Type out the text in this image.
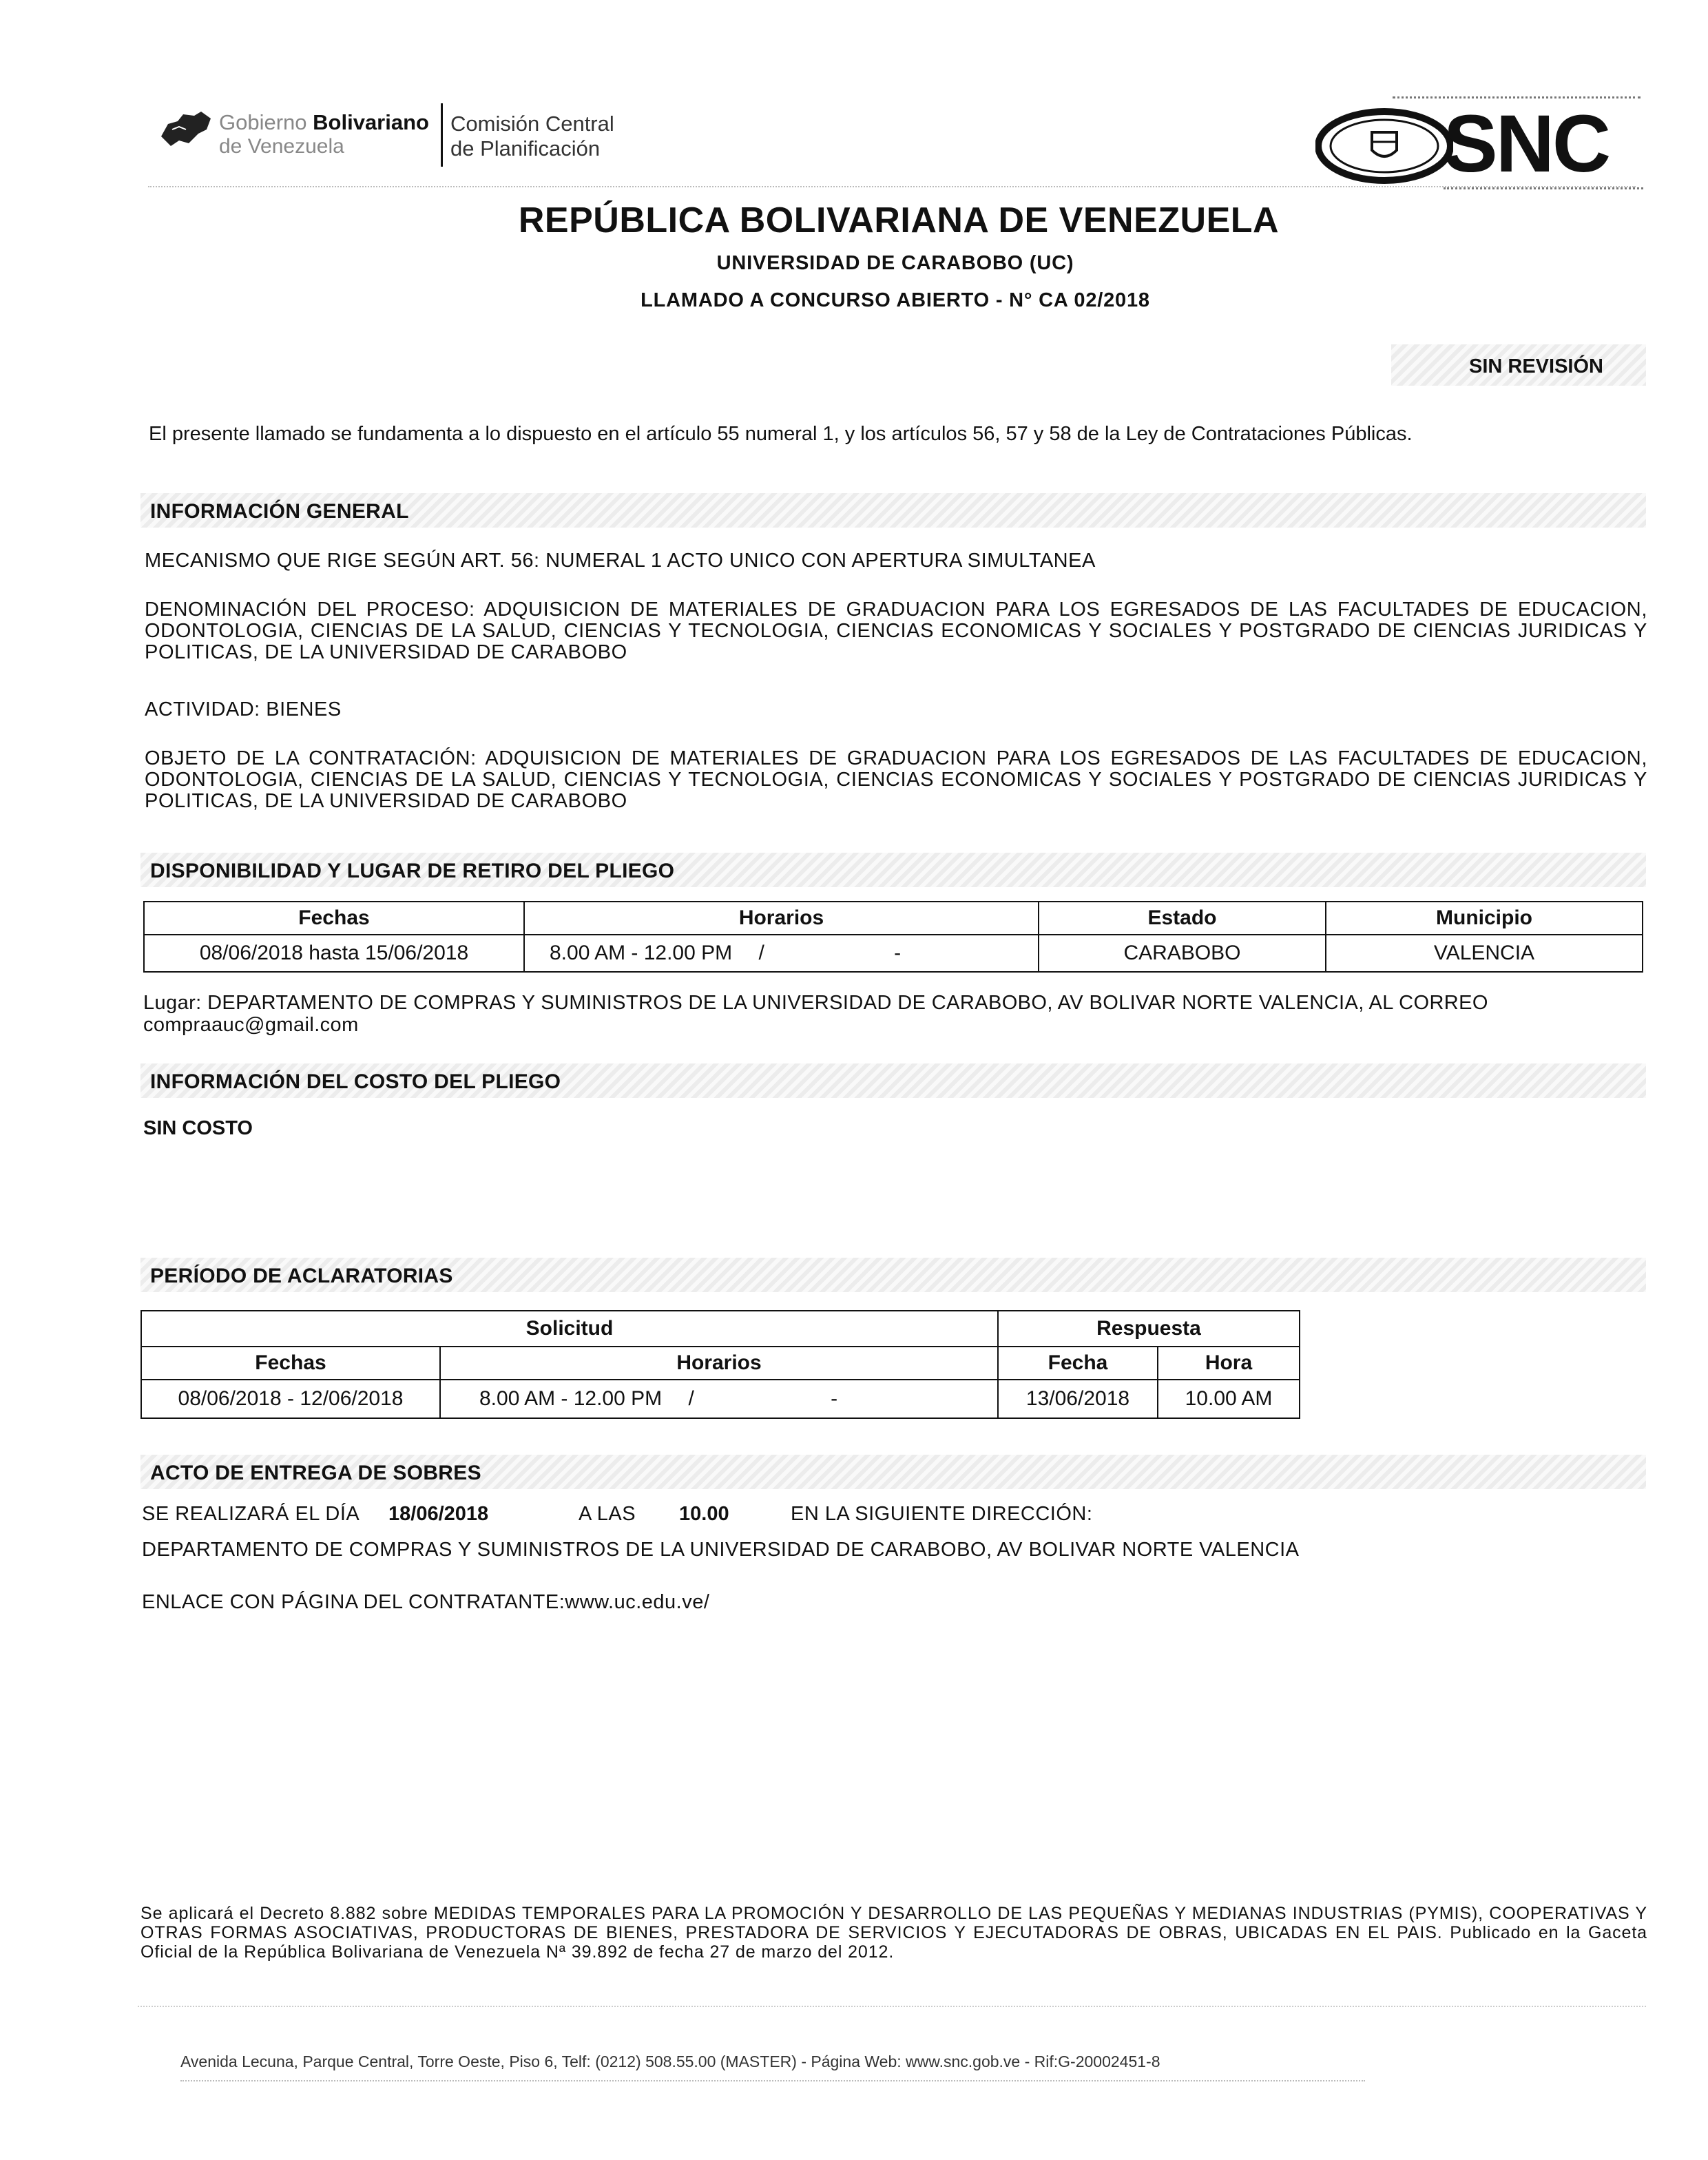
Gobierno Bolivariano
de Venezuela
Comisión Central
de Planificación	SNC
REPÚBLICA BOLIVARIANA DE VENEZUELA
UNIVERSIDAD DE CARABOBO (UC)
LLAMADO A CONCURSO ABIERTO - N° CA 02/2018
SIN REVISIÓN
El presente llamado se fundamenta a lo dispuesto en el artículo 55 numeral 1, y los artículos 56, 57 y 58 de la Ley de Contrataciones Públicas.
INFORMACIÓN GENERAL
MECANISMO QUE RIGE SEGÚN ART. 56: NUMERAL 1 ACTO UNICO CON APERTURA SIMULTANEA
DENOMINACIÓN DEL PROCESO: ADQUISICION DE MATERIALES DE GRADUACION PARA LOS EGRESADOS DE LAS FACULTADES DE EDUCACION, ODONTOLOGIA, CIENCIAS DE LA SALUD, CIENCIAS Y TECNOLOGIA, CIENCIAS ECONOMICAS Y SOCIALES Y POSTGRADO DE CIENCIAS JURIDICAS Y POLITICAS, DE LA UNIVERSIDAD DE CARABOBO
ACTIVIDAD: BIENES
OBJETO DE LA CONTRATACIÓN: ADQUISICION DE MATERIALES DE GRADUACION PARA LOS EGRESADOS DE LAS FACULTADES DE EDUCACION, ODONTOLOGIA, CIENCIAS DE LA SALUD, CIENCIAS Y TECNOLOGIA, CIENCIAS ECONOMICAS Y SOCIALES Y POSTGRADO DE CIENCIAS JURIDICAS Y POLITICAS, DE LA UNIVERSIDAD DE CARABOBO
DISPONIBILIDAD Y LUGAR DE RETIRO DEL PLIEGO
Fechas	Horarios	Estado	Municipio
08/06/2018 hasta 15/06/2018	8.00 AM - 12.00 PM / -	CARABOBO	VALENCIA
Lugar: DEPARTAMENTO DE COMPRAS Y SUMINISTROS DE LA UNIVERSIDAD DE CARABOBO, AV BOLIVAR NORTE VALENCIA, AL CORREO compraauc@gmail.com
INFORMACIÓN DEL COSTO DEL PLIEGO
SIN COSTO
PERÍODO DE ACLARATORIAS
Solicitud		Respuesta	
Fechas	Horarios	Fecha	Hora
08/06/2018 - 12/06/2018	8.00 AM - 12.00 PM / -	13/06/2018	10.00 AM
ACTO DE ENTREGA DE SOBRES
SE REALIZARÁ EL DÍA 18/06/2018	A LAS 10.00	EN LA SIGUIENTE DIRECCIÓN:
DEPARTAMENTO DE COMPRAS Y SUMINISTROS DE LA UNIVERSIDAD DE CARABOBO, AV BOLIVAR NORTE VALENCIA
ENLACE CON PÁGINA DEL CONTRATANTE:www.uc.edu.ve/
Se aplicará el Decreto 8.882 sobre MEDIDAS TEMPORALES PARA LA PROMOCIÓN Y DESARROLLO DE LAS PEQUEÑAS Y MEDIANAS INDUSTRIAS (PYMIS), COOPERATIVAS Y OTRAS FORMAS ASOCIATIVAS, PRODUCTORAS DE BIENES, PRESTADORA DE SERVICIOS Y EJECUTADORAS DE OBRAS, UBICADAS EN EL PAIS. Publicado en la Gaceta Oficial de la República Bolivariana de Venezuela Nª 39.892 de fecha 27 de marzo del 2012.
Avenida Lecuna, Parque Central, Torre Oeste, Piso 6, Telf: (0212) 508.55.00 (MASTER) - Página Web: www.snc.gob.ve - Rif:G-20002451-8
